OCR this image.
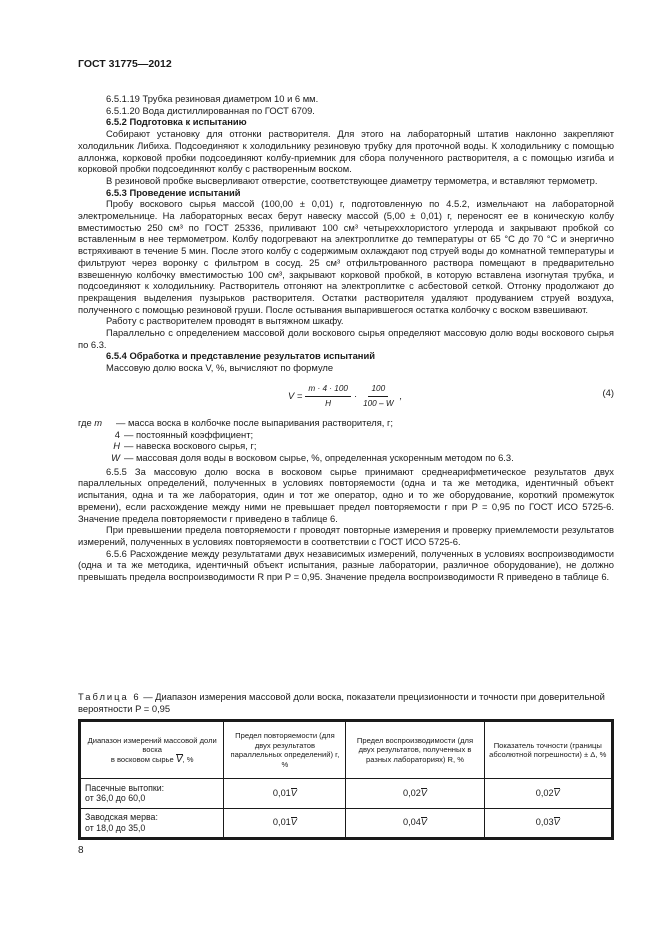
ГОСТ 31775—2012

6.5.1.19 Трубка резиновая диаметром 10 и 6 мм.

6.5.1.20 Вода дистиллированная по ГОСТ 6709.

6.5.2 Подготовка к испытанию

Собирают установку для отгонки растворителя. Для этого на лабораторный штатив наклонно закрепляют холодильник Либиха. Подсоединяют к холодильнику резиновую трубку для проточной воды. К холодильнику с помощью аллонжа, корковой пробки подсоединяют колбу-приемник для сбора полученного растворителя, а с помощью изгиба и корковой пробки подсоединяют колбу с растворенным воском.

В резиновой пробке высверливают отверстие, соответствующее диаметру термометра, и вставляют термометр.

6.5.3 Проведение испытаний

Пробу воскового сырья массой (100,00 ± 0,01) г, подготовленную по 4.5.2, измельчают на лабораторной электромельнице. На лабораторных весах берут навеску массой (5,00 ± 0,01) г, переносят ее в коническую колбу вместимостью 250 см³ по ГОСТ 25336, приливают 100 см³ четыреххлористого углерода и закрывают пробкой со вставленным в нее термометром. Колбу подогревают на электроплитке до температуры от 65 °C до 70 °C и энергично встряхивают в течение 5 мин. После этого колбу с содержимым охлаждают под струей воды до комнатной температуры и фильтруют через воронку с фильтром в сосуд. 25 см³ отфильтрованного раствора помещают в предварительно взвешенную колбочку вместимостью 100 см³, закрывают корковой пробкой, в которую вставлена изогнутая трубка, и подсоединяют к холодильнику. Растворитель отгоняют на электроплитке с асбестовой сеткой. Отгонку продолжают до прекращения выделения пузырьков растворителя. Остатки растворителя удаляют продуванием струей воздуха, полученного с помощью резиновой груши. После остывания выпарившегося остатка колбочку с воском взвешивают.

Работу с растворителем проводят в вытяжном шкафу.

Параллельно с определением массовой доли воскового сырья определяют массовую долю воды воскового сырья по 6.3.

6.5.4 Обработка и представление результатов испытаний

Массовую долю воска V, %, вычисляют по формуле

$V = \frac{m \cdot 4 \cdot 100}{H} \cdot \frac{100}{100 - W}$ ,	(4)
где m	— масса воска в колбочке после выпаривания растворителя, г;
4 — постоянный коэффициент;
H — навеска воскового сырья, г;
W — массовая доля воды в восковом сырье, %, определенная ускоренным методом по 6.3.

6.5.5 За массовую долю воска в восковом сырье принимают среднеарифметическое результатов двух параллельных определений, полученных в условиях повторяемости (одна и та же методика, идентичный объект испытания, одна и та же лаборатория, один и тот же оператор, одно и то же оборудование, короткий промежуток времени), если расхождение между ними не превышает предел повторяемости r при P = 0,95 по ГОСТ ИСО 5725-6. Значение предела повторяемости r приведено в таблице 6.

При превышении предела повторяемости r проводят повторные измерения и проверку приемлемости результатов измерений, полученных в условиях повторяемости в соответствии с ГОСТ ИСО 5725-6.

6.5.6 Расхождение между результатами двух независимых измерений, полученных в условиях воспроизводимости (одна и та же методика, идентичный объект испытания, разные лаборатории, различное оборудование), не должно превышать предела воспроизводимости R при P = 0,95. Значение предела воспроизводимости R приведено в таблице 6.

Таблица 6 — Диапазон измерения массовой доли воска, показатели прецизионности и точности при доверительной вероятности P = 0,95
Диапазон измерений массовой доли воска
в восковом сырье V, %	Предел повторяемости (для двух результатов параллельных определений) r, %	Предел воспроизводимости (для двух результатов, полученных в разных лабораториях) R, %	Показатель точности (границы абсолютной погрешности) ± Δ, %
Пасечные вытопки:
от 36,0 до 60,0	0,01V	0,02V	0,02V
Заводская мерва:
от 18,0 до 35,0	0,01V	0,04V	0,03V
8
